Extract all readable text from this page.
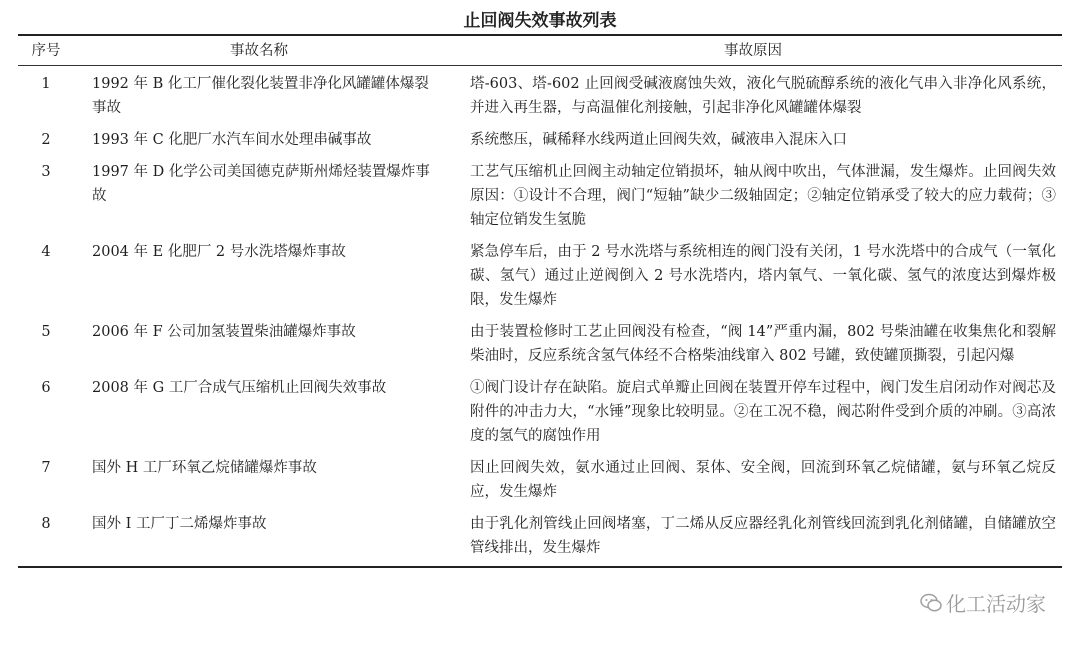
止回阀失效事故列表
序号	事故名称	事故原因
1	1992 年 B 化工厂催化裂化装置非净化风罐罐体爆裂事故	塔-603、塔-602 止回阀受碱液腐蚀失效，液化气脱硫醇系统的液化气串入非净化风系统，并进入再生器，与高温催化剂接触，引起非净化风罐罐体爆裂
2	1993 年 C 化肥厂水汽车间水处理串碱事故	系统憋压，碱稀释水线两道止回阀失效，碱液串入混床入口
3	1997 年 D 化学公司美国德克萨斯州烯烃装置爆炸事故	工艺气压缩机止回阀主动轴定位销损坏，轴从阀中吹出，气体泄漏，发生爆炸。止回阀失效原因：①设计不合理，阀门“短轴”缺少二级轴固定；②轴定位销承受了较大的应力载荷；③轴定位销发生氢脆
4	2004 年 E 化肥厂 2 号水洗塔爆炸事故	紧急停车后，由于 2 号水洗塔与系统相连的阀门没有关闭，1 号水洗塔中的合成气（一氧化碳、氢气）通过止逆阀倒入 2 号水洗塔内，塔内氧气、一氧化碳、氢气的浓度达到爆炸极限，发生爆炸
5	2006 年 F 公司加氢装置柴油罐爆炸事故	由于装置检修时工艺止回阀没有检查，“阀 14”严重内漏，802 号柴油罐在收集焦化和裂解柴油时，反应系统含氢气体经不合格柴油线窜入 802 号罐，致使罐顶撕裂，引起闪爆
6	2008 年 G 工厂合成气压缩机止回阀失效事故	①阀门设计存在缺陷。旋启式单瓣止回阀在装置开停车过程中，阀门发生启闭动作对阀芯及附件的冲击力大，“水锤”现象比较明显。②在工况不稳，阀芯附件受到介质的冲刷。③高浓度的氢气的腐蚀作用
7	国外 H 工厂环氧乙烷储罐爆炸事故	因止回阀失效，氨水通过止回阀、泵体、安全阀，回流到环氧乙烷储罐，氨与环氧乙烷反应，发生爆炸
8	国外 I 工厂丁二烯爆炸事故	由于乳化剂管线止回阀堵塞，丁二烯从反应器经乳化剂管线回流到乳化剂储罐，自储罐放空管线排出，发生爆炸
化工活动家
